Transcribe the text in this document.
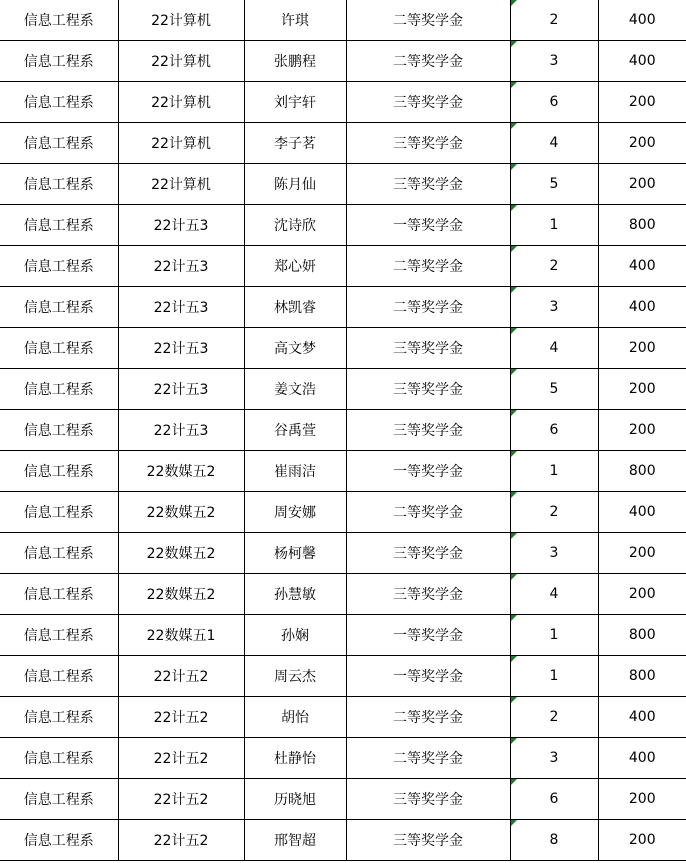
信息工程系	22计算机	许琪	二等奖学金	2	400
信息工程系	22计算机	张鹏程	二等奖学金	3	400
信息工程系	22计算机	刘宇轩	三等奖学金	6	200
信息工程系	22计算机	李子茗	三等奖学金	4	200
信息工程系	22计算机	陈月仙	三等奖学金	5	200
信息工程系	22计五3	沈诗欣	一等奖学金	1	800
信息工程系	22计五3	郑心妍	二等奖学金	2	400
信息工程系	22计五3	林凯睿	二等奖学金	3	400
信息工程系	22计五3	高文梦	三等奖学金	4	200
信息工程系	22计五3	姜文浩	三等奖学金	5	200
信息工程系	22计五3	谷禹萱	三等奖学金	6	200
信息工程系	22数媒五2	崔雨洁	一等奖学金	1	800
信息工程系	22数媒五2	周安娜	二等奖学金	2	400
信息工程系	22数媒五2	杨柯馨	三等奖学金	3	200
信息工程系	22数媒五2	孙慧敏	三等奖学金	4	200
信息工程系	22数媒五1	孙娴	一等奖学金	1	800
信息工程系	22计五2	周云杰	一等奖学金	1	800
信息工程系	22计五2	胡怡	二等奖学金	2	400
信息工程系	22计五2	杜静怡	二等奖学金	3	400
信息工程系	22计五2	历晓旭	三等奖学金	6	200
信息工程系	22计五2	邢智超	三等奖学金	8	200
